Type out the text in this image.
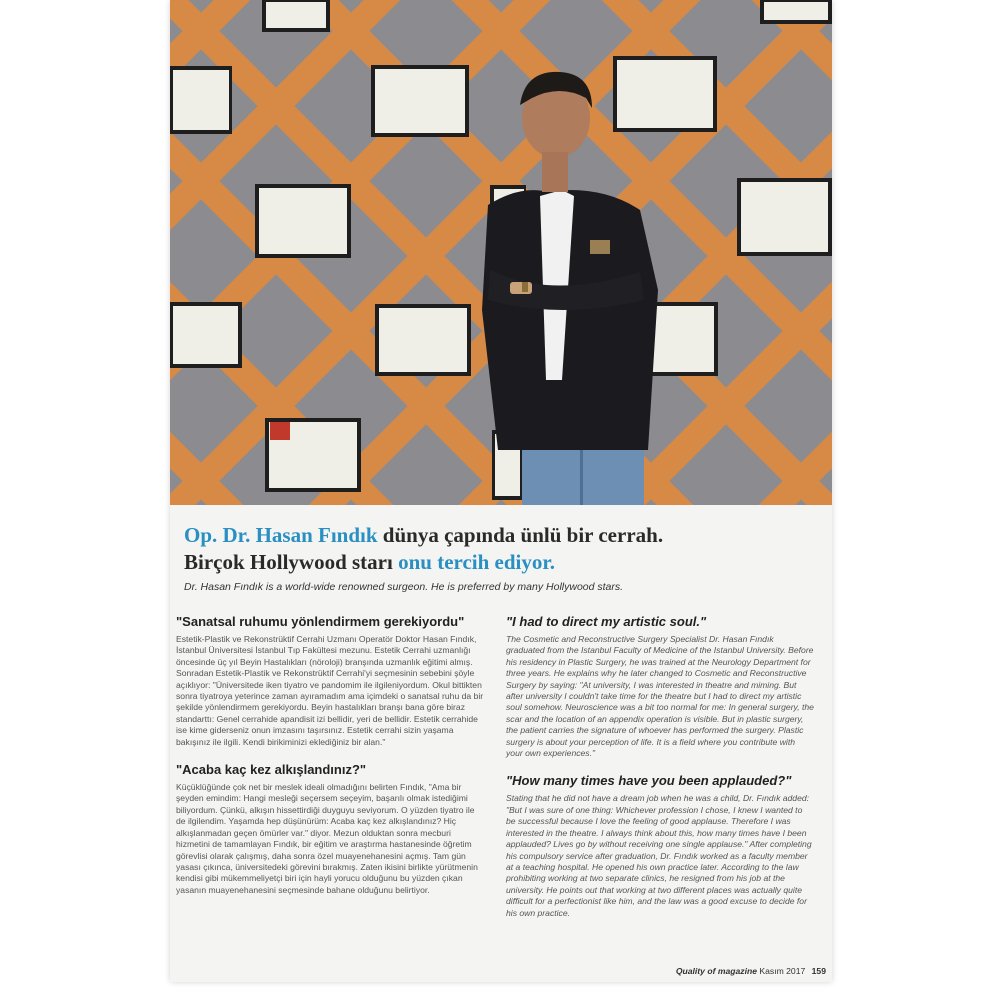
Op. Dr. Hasan Fındık dünya çapında ünlü bir cerrah.
Birçok Hollywood starı onu tercih ediyor.
Dr. Hasan Fındık is a world-wide renowned surgeon. He is preferred by many Hollywood stars.
"Sanatsal ruhumu yönlendirmem gerekiyordu"

Estetik-Plastik ve Rekonstrüktif Cerrahi Uzmanı Operatör Doktor Hasan Fındık, İstanbul Üniversitesi İstanbul Tıp Fakültesi mezunu. Estetik Cerrahi uzmanlığı öncesinde üç yıl Beyin Hastalıkları (nöroloji) branşında uzmanlık eğitimi almış. Sonradan Estetik-Plastik ve Rekonstrüktif Cerrahi'yi seçmesinin sebebini şöyle açıklıyor: "Üniversitede iken tiyatro ve pandomim ile ilgileniyordum. Okul bittikten sonra tiyatroya yeterince zaman ayıramadım ama içimdeki o sanatsal ruhu da bir şekilde yönlendirmem gerekiyordu. Beyin hastalıkları branşı bana göre biraz standarttı: Genel cerrahide apandisit izi bellidir, yeri de bellidir. Estetik cerrahide ise kime giderseniz onun imzasını taşırsınız. Estetik cerrahi sizin yaşama bakışınız ile ilgili. Kendi birikiminizi eklediğiniz bir alan."

"Acaba kaç kez alkışlandınız?"

Küçüklüğünde çok net bir meslek ideali olmadığını belirten Fındık, "Ama bir şeyden emindim: Hangi mesleği seçersem seçeyim, başarılı olmak istediğimi biliyordum. Çünkü, alkışın hissettirdiği duyguyu seviyorum. O yüzden tiyatro ile de ilgilendim. Yaşamda hep düşünürüm: Acaba kaç kez alkışlandınız? Hiç alkışlanmadan geçen ömürler var." diyor. Mezun olduktan sonra mecburi hizmetini de tamamlayan Fındık, bir eğitim ve araştırma hastanesinde öğretim görevlisi olarak çalışmış, daha sonra özel muayenehanesini açmış. Tam gün yasası çıkınca, üniversitedeki görevini bırakmış. Zaten ikisini birlikte yürütmenin kendisi gibi mükemmeliyetçi biri için hayli yorucu olduğunu bu yüzden çıkan yasanın muayenehanesini seçmesinde bahane olduğunu belirtiyor.

"I had to direct my artistic soul."

The Cosmetic and Reconstructive Surgery Specialist Dr. Hasan Fındık graduated from the Istanbul Faculty of Medicine of the Istanbul University. Before his residency in Plastic Surgery, he was trained at the Neurology Department for three years. He explains why he later changed to Cosmetic and Reconstructive Surgery by saying: "At university, I was interested in theatre and miming. But after university I couldn't take time for the theatre but I had to direct my artistic soul somehow. Neuroscience was a bit too normal for me: In general surgery, the scar and the location of an appendix operation is visible. But in plastic surgery, the patient carries the signature of whoever has performed the surgery. Plastic surgery is about your perception of life. It is a field where you contribute with your own experiences."

"How many times have you been applauded?"

Stating that he did not have a dream job when he was a child, Dr. Fındık added: "But I was sure of one thing: Whichever profession I chose, I knew I wanted to be successful because I love the feeling of good applause. Therefore I was interested in the theatre. I always think about this, how many times have I been applauded? Lives go by without receiving one single applause." After completing his compulsory service after graduation, Dr. Fındık worked as a faculty member at a teaching hospital. He opened his own practice later. According to the law prohibiting working at two separate clinics, he resigned from his job at the university. He points out that working at two different places was actually quite difficult for a perfectionist like him, and the law was a good excuse to decide for his own practice.

Quality of magazine Kasım 2017 159
